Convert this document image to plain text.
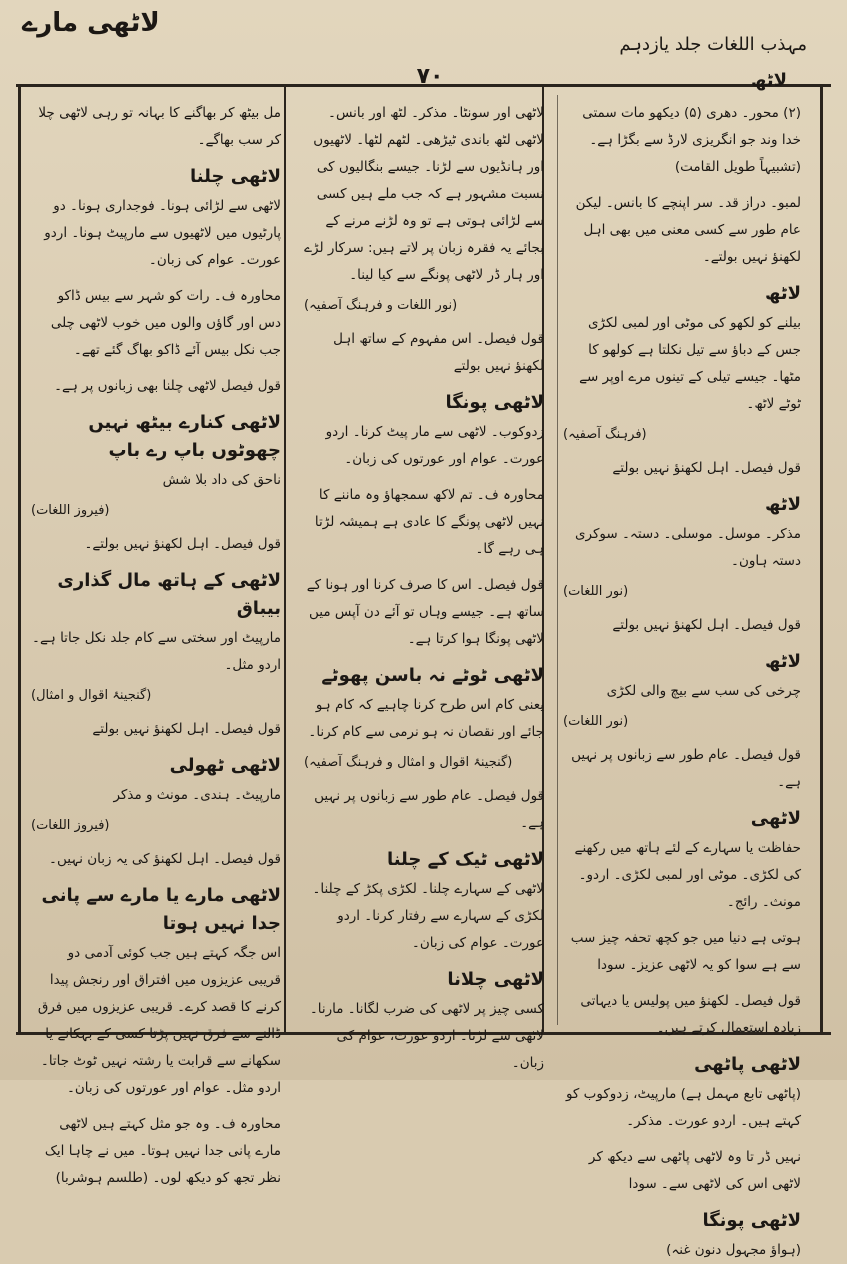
لاٹھی مارے
مہذب اللغات جلد یازدہم
۷۰	لاٹھ

(۲) محور۔ دھری (۵) دیکھو مات سمتی خدا وند جو انگریزی لارڈ سے بگڑا ہے۔ (تشبیہاً طویل القامت)

لمبو۔ دراز قد۔ سر اپنچے کا بانس۔ لیکن عام طور سے کسی معنی میں بھی اہل لکھنؤ نہیں بولتے۔

لاٹھ
بیلنے کو لکھو کی موٹی اور لمبی لکڑی جس کے دباؤ سے تیل نکلتا ہے کولھو کا مٹھا۔ جیسے تیلی کے تینوں مرے اوپر سے ٹوٹے لاٹھ۔

(فرہنگ آصفیہ)

قول فیصل۔ اہل لکھنؤ نہیں بولتے

لاٹھ
مذکر۔ موسل۔ موسلی۔ دستہ۔ سوکری دستہ ہاون۔

(نور اللغات)

قول فیصل۔ اہل لکھنؤ نہیں بولتے

لاٹھ
چرخی کی سب سے بیچ والی لکڑی

(نور اللغات)

قول فیصل۔ عام طور سے زبانوں پر نہیں ہے۔

لاٹھی
حفاظت یا سہارے کے لئے ہاتھ میں رکھنے کی لکڑی۔ موٹی اور لمبی لکڑی۔ اردو۔ مونث۔ رائج۔

ہوتی ہے دنیا میں جو کچھ تحفہ چیز سب سے ہے سوا کو یہ لاٹھی عزیز۔ سودا

قول فیصل۔ لکھنؤ میں پولیس یا دیہاتی زیادہ استعمال کرتے ہیں۔

لاٹھی پاٹھی
(پاٹھی تابع مہمل ہے) مارپیٹ، زدوکوب کو کہتے ہیں۔ اردو عورت۔ مذکر۔

نہیں ڈر تا وہ لاٹھی پاٹھی سے دیکھ کر لاٹھی اس کی لاٹھی سے۔ سودا

لاٹھی پونگا
(ہواؤ مجہول دنون غنہ)

لاٹھی اور سونٹا۔ مذکر۔ لٹھ اور بانس۔ لاٹھی لٹھ باندی ٹیڑھی۔ لٹھم لٹھا۔ لاٹھیوں اور ہانڈیوں سے لڑنا۔ جیسے بنگالیوں کی نسبت مشہور ہے کہ جب ملے ہیں کسی سے لڑائی ہوتی ہے تو وہ لڑنے مرنے کے بجائے یہ فقرہ زبان پر لاتے ہیں: سرکار لڑے اور ہار ڈر لاٹھی پونگے سے کیا لینا۔

(نور اللغات و فرہنگ آصفیہ)

قول فیصل۔ اس مفہوم کے ساتھ اہل لکھنؤ نہیں بولتے

لاٹھی پونگا
زدوکوب۔ لاٹھی سے مار پیٹ کرنا۔ اردو عورت۔ عوام اور عورتوں کی زبان۔

محاورہ ف۔ تم لاکھ سمجھاؤ وہ ماننے کا نہیں لاٹھی پونگے کا عادی ہے ہمیشہ لڑتا ہی رہے گا۔

قول فیصل۔ اس کا صرف کرنا اور ہونا کے ساتھ ہے۔ جیسے وہاں تو آئے دن آپس میں لاٹھی پونگا ہوا کرتا ہے۔

لاٹھی ٹوٹے نہ باسن پھوٹے
یعنی کام اس طرح کرنا چاہیے کہ کام ہو جائے اور نقصان نہ ہو نرمی سے کام کرنا۔

(گنجینۂ اقوال و امثال و فرہنگ آصفیہ)

قول فیصل۔ عام طور سے زبانوں پر نہیں ہے۔

لاٹھی ٹیک کے چلنا
لاٹھی کے سہارے چلنا۔ لکڑی پکڑ کے چلنا۔ لکڑی کے سہارے سے رفتار کرنا۔ اردو عورت۔ عوام کی زبان۔

لاٹھی چلانا
کسی چیز پر لاٹھی کی ضرب لگانا۔ مارنا۔ لاٹھی سے لڑنا۔ اردو عورت، عوام کی زبان۔

مل بیٹھ کر بھاگنے کا بہانہ تو رہی لاٹھی چلا کر سب بھاگے۔

لاٹھی چلنا
لاٹھی سے لڑائی ہونا۔ فوجداری ہونا۔ دو پارٹیوں میں لاٹھیوں سے مارپیٹ ہونا۔ اردو عورت۔ عوام کی زبان۔

محاورہ ف۔ رات کو شہر سے بیس ڈاکو دس اور گاؤں والوں میں خوب لاٹھی چلی جب نکل بیس آئے ڈاکو بھاگ گئے تھے۔

قول فیصل لاٹھی چلنا بھی زبانوں پر ہے۔

لاٹھی کنارے بیٹھ نہیں چھوٹوں باپ رے باپ
ناحق کی داد بلا شش

(فیروز اللغات)

قول فیصل۔ اہل لکھنؤ نہیں بولتے۔

لاٹھی کے ہاتھ مال گذاری بیباق
مارپیٹ اور سختی سے کام جلد نکل جاتا ہے۔ اردو مثل۔

(گنجینۂ اقوال و امثال)

قول فیصل۔ اہل لکھنؤ نہیں بولتے

لاٹھی ٹھولی
مارپیٹ۔ ہندی۔ مونث و مذکر

(فیروز اللغات)

قول فیصل۔ اہل لکھنؤ کی یہ زبان نہیں۔

لاٹھی مارے یا مارے سے پانی جدا نہیں ہوتا
اس جگہ کہتے ہیں جب کوئی آدمی دو قریبی عزیزوں میں افتراق اور رنجش پیدا کرنے کا قصد کرے۔ قریبی عزیزوں میں فرق ڈالنے سے فرق نہیں پڑتا کسی کے بہکانے یا سکھانے سے قرابت یا رشتہ نہیں ٹوٹ جاتا۔ اردو مثل۔ عوام اور عورتوں کی زبان۔

محاورہ ف۔ وہ جو مثل کہتے ہیں لاٹھی مارے پانی جدا نہیں ہوتا۔ میں نے چاہا ایک نظر تجھ کو دیکھ لوں۔ (طلسم ہوشربا)
